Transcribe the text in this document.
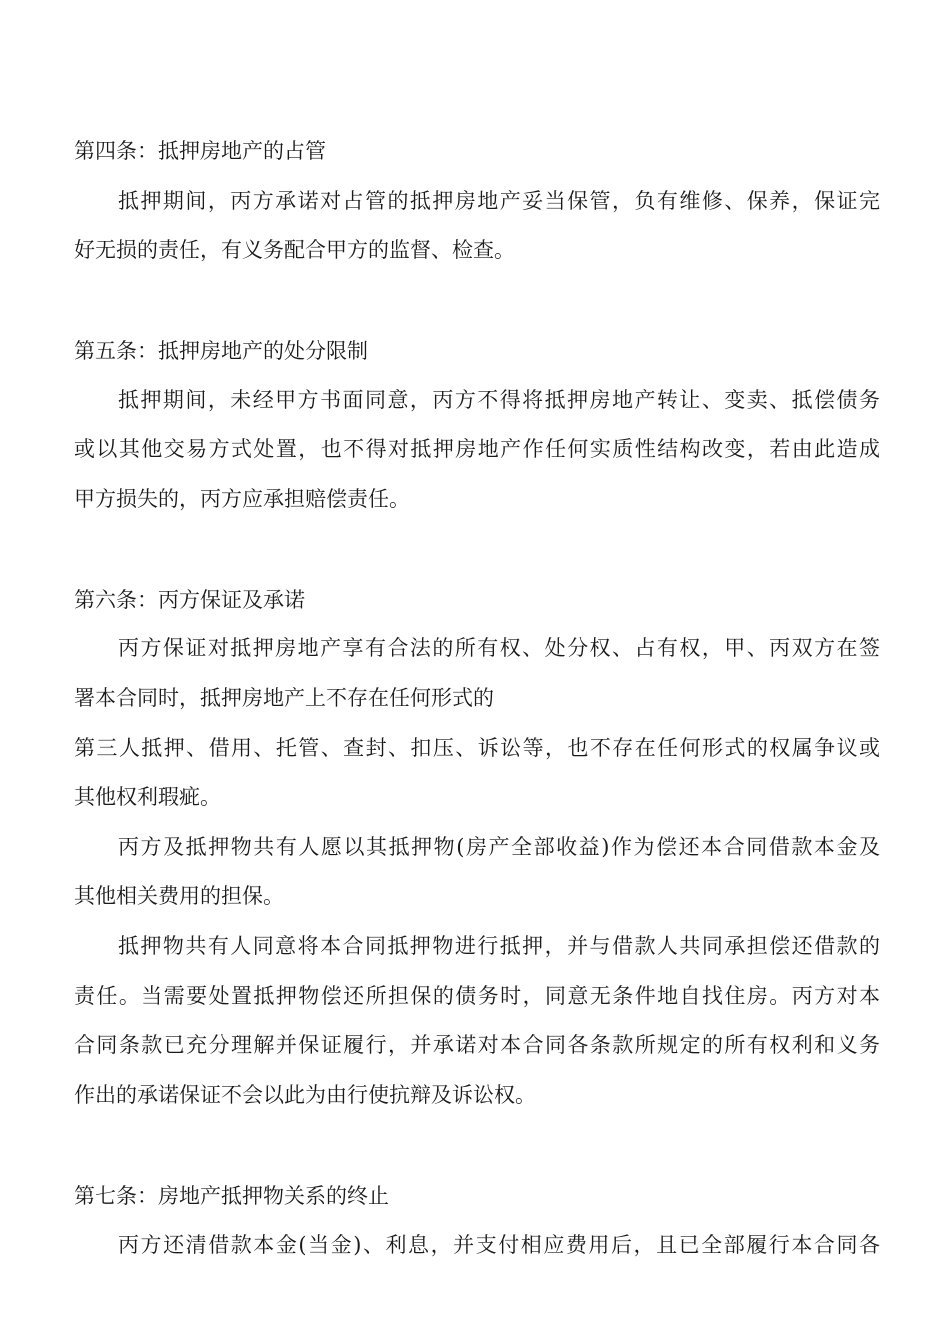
第四条：抵押房地产的占管
抵押期间，丙方承诺对占管的抵押房地产妥当保管，负有维修、保养，保证完
好无损的责任，有义务配合甲方的监督、检查。
第五条：抵押房地产的处分限制
抵押期间，未经甲方书面同意，丙方不得将抵押房地产转让、变卖、抵偿债务
或以其他交易方式处置，也不得对抵押房地产作任何实质性结构改变，若由此造成
甲方损失的，丙方应承担赔偿责任。
第六条：丙方保证及承诺
丙方保证对抵押房地产享有合法的所有权、处分权、占有权，甲、丙双方在签
署本合同时，抵押房地产上不存在任何形式的
第三人抵押、借用、托管、查封、扣压、诉讼等，也不存在任何形式的权属争议或
其他权利瑕疵。
丙方及抵押物共有人愿以其抵押物(房产全部收益)作为偿还本合同借款本金及
其他相关费用的担保。
抵押物共有人同意将本合同抵押物进行抵押，并与借款人共同承担偿还借款的
责任。当需要处置抵押物偿还所担保的债务时，同意无条件地自找住房。丙方对本
合同条款已充分理解并保证履行，并承诺对本合同各条款所规定的所有权利和义务
作出的承诺保证不会以此为由行使抗辩及诉讼权。
第七条：房地产抵押物关系的终止
丙方还清借款本金(当金)、利息，并支付相应费用后，且已全部履行本合同各
